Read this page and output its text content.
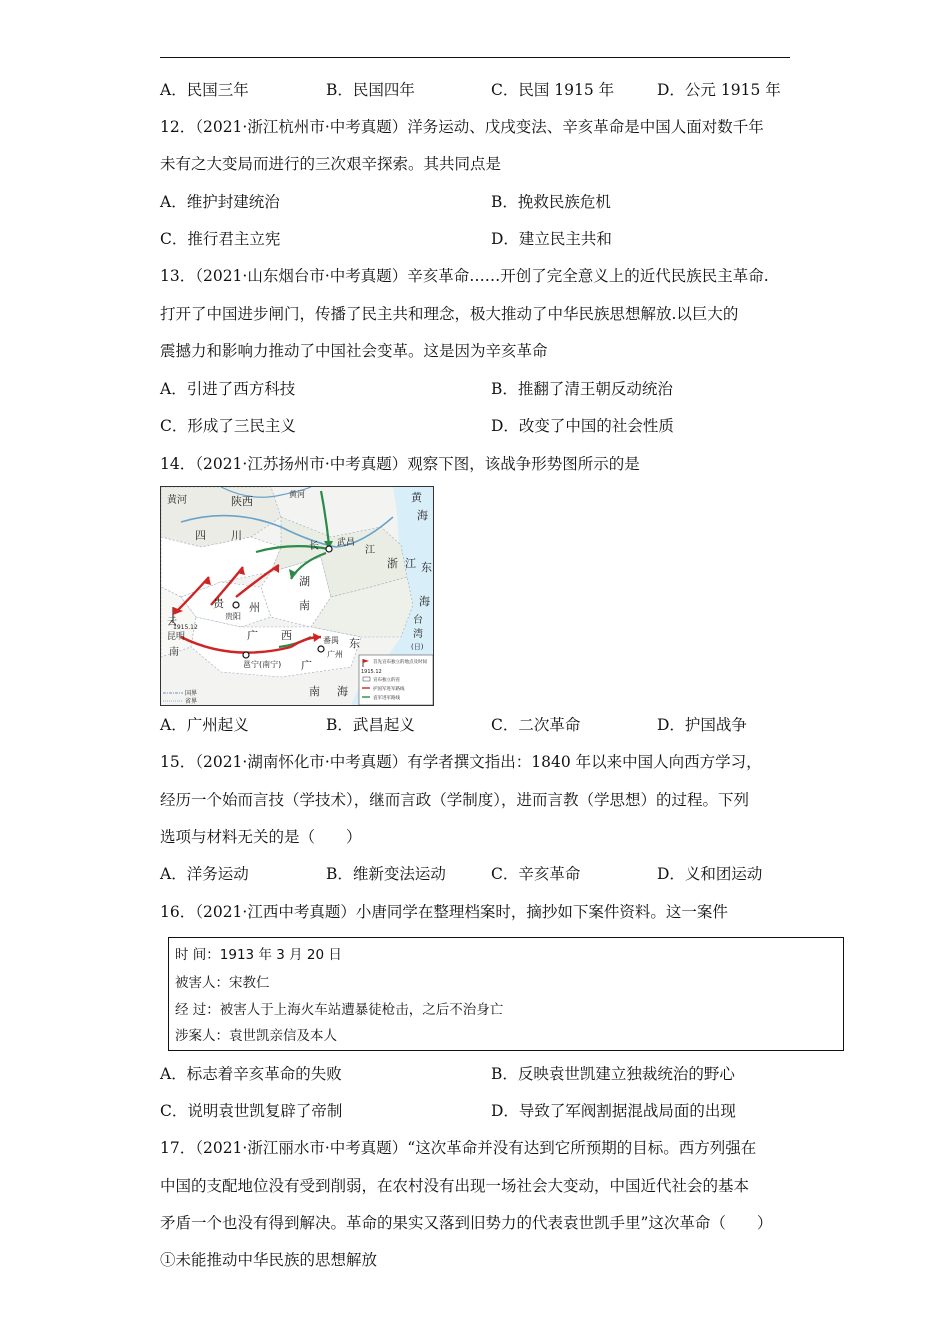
A．民国三年	B．民国四年	C．民国 1915 年	D．公元 1915 年
12．（2021·浙江杭州市·中考真题）洋务运动、戊戌变法、辛亥革命是中国人面对数千年
未有之大变局而进行的三次艰辛探索。其共同点是
A．维护封建统治	B．挽救民族危机
C．推行君主立宪	D．建立民主共和
13．（2021·山东烟台市·中考真题）辛亥革命……开创了完全意义上的近代民族民主革命.
打开了中国进步闸门，传播了民主共和理念，极大推动了中华民族思想解放.以巨大的
震撼力和影响力推动了中国社会变革。这是因为辛亥革命
A．引进了西方科技	B．推翻了清王朝反动统治
C．形成了三民主义	D．改变了中国的社会性质
14．（2021·江苏扬州市·中考真题）观察下图，该战争形势图所示的是
黄河	陕西
黄河	黄
海
四 川
长 武昌
江
浙 江 东
湖
南	海
贵 州
贵阳
1915.12
云
昆明
南
广 西
邕宁(南宁)
番禺 东
广州
广
台
湾
(日)
南 海
1915.12
首先宣布独立的地点及时间
宣布独立的省
护国军进军路线
袁军进军路线
国界
省界
A．广州起义	B．武昌起义	C．二次革命	D．护国战争
15．（2021·湖南怀化市·中考真题）有学者撰文指出：1840 年以来中国人向西方学习，
经历一个始而言技（学技术），继而言政（学制度），进而言教（学思想）的过程。下列
选项与材料无关的是（　　）
A．洋务运动	B．维新变法运动	C．辛亥革命	D．义和团运动
16．（2021·江西中考真题）小唐同学在整理档案时，摘抄如下案件资料。这一案件
时 间：1913 年 3 月 20 日
被害人：宋教仁
经 过：被害人于上海火车站遭暴徒枪击，之后不治身亡
涉案人：袁世凯亲信及本人
A．标志着辛亥革命的失败	B．反映袁世凯建立独裁统治的野心
C．说明袁世凯复辟了帝制	D．导致了军阀割据混战局面的出现
17．（2021·浙江丽水市·中考真题）“这次革命并没有达到它所预期的目标。西方列强在
中国的支配地位没有受到削弱，在农村没有出现一场社会大变动，中国近代社会的基本
矛盾一个也没有得到解决。革命的果实又落到旧势力的代表袁世凯手里”这次革命（　　）
①未能推动中华民族的思想解放
